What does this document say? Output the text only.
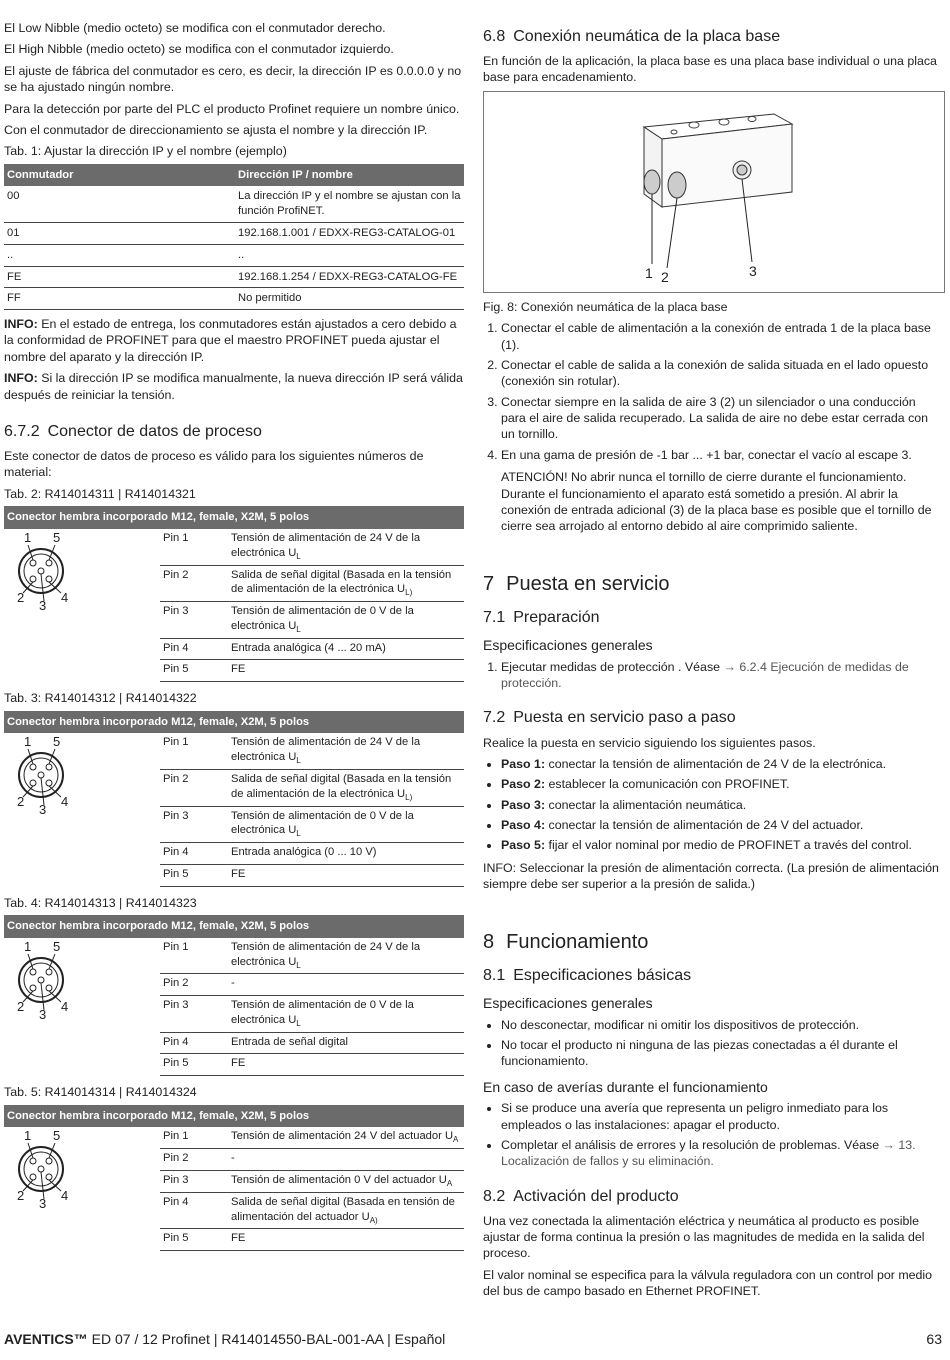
El Low Nibble (medio octeto) se modifica con el conmutador derecho.

El High Nibble (medio octeto) se modifica con el conmutador izquierdo.

El ajuste de fábrica del conmutador es cero, es decir, la dirección IP es 0.0.0.0 y no se ha ajustado ningún nombre.

Para la detección por parte del PLC el producto Profinet requiere un nombre único.

Con el conmutador de direccionamiento se ajusta el nombre y la dirección IP.

Tab. 1: Ajustar la dirección IP y el nombre (ejemplo)

Conmutador	Dirección IP / nombre
00	La dirección IP y el nombre se ajustan con la función ProfiNET.
01	192.168.1.001 / EDXX-REG3-CATALOG-01
..	..
FE	192.168.1.254 / EDXX-REG3-CATALOG-FE
FF	No permitido

INFO: En el estado de entrega, los conmutadores están ajustados a cero debido a la conformidad de PROFINET para que el maestro PROFINET pueda ajustar el nombre del aparato y la dirección IP.

INFO: Si la dirección IP se modifica manualmente, la nueva dirección IP será válida después de reiniciar la tensión.

6.7.2 Conector de datos de proceso

Este conector de datos de proceso es válido para los siguientes números de material:

Tab. 2: R414014311 | R414014321

Conector hembra incorporado M12, female, X2M, 5 polos		

1 5
2 4
3	Pin 1	Tensión de alimentación de 24 V de la electrónica $U_L$
	Pin 2	Salida de señal digital (Basada en la tensión de alimentación de la electrónica $U_{L)}$
	Pin 3	Tensión de alimentación de 0 V de la electrónica $U_L$
	Pin 4	Entrada analógica (4 ... 20 mA)
	Pin 5	FE

Tab. 3: R414014312 | R414014322

Conector hembra incorporado M12, female, X2M, 5 polos		

1 5
2 4
3	Pin 1	Tensión de alimentación de 24 V de la electrónica $U_L$
	Pin 2	Salida de señal digital (Basada en la tensión de alimentación de la electrónica $U_{L)}$
	Pin 3	Tensión de alimentación de 0 V de la electrónica $U_L$
	Pin 4	Entrada analógica (0 ... 10 V)
	Pin 5	FE

Tab. 4: R414014313 | R414014323

Conector hembra incorporado M12, female, X2M, 5 polos		

1 5
2 4
3	Pin 1	Tensión de alimentación de 24 V de la electrónica $U_L$
	Pin 2	-
	Pin 3	Tensión de alimentación de 0 V de la electrónica $U_L$
	Pin 4	Entrada de señal digital
	Pin 5	FE

Tab. 5: R414014314 | R414014324

Conector hembra incorporado M12, female, X2M, 5 polos		

1 5
2 4
3	Pin 1	Tensión de alimentación 24 V del actuador $U_A$
	Pin 2	-
	Pin 3	Tensión de alimentación 0 V del actuador $U_A$
	Pin 4	Salida de señal digital (Basada en tensión de alimentación del actuador $U_{A)}$
	Pin 5	FE
6.8 Conexión neumática de la placa base

En función de la aplicación, la placa base es una placa base individual o una placa base para encadenamiento.

1 2	3

Fig. 8: Conexión neumática de la placa base

1. Conectar el cable de alimentación a la conexión de entrada 1 de la placa base (1).
2. Conectar el cable de salida a la conexión de salida situada en el lado opuesto (conexión sin rotular).
3. Conectar siempre en la salida de aire 3 (2) un silenciador o una conducción para el aire de salida recuperado. La salida de aire no debe estar cerrada con un tornillo.
4. En una gama de presión de -1 bar ... +1 bar, conectar el vacío al escape 3.

ATENCIÓN! No abrir nunca el tornillo de cierre durante el funcionamiento. Durante el funcionamiento el aparato está sometido a presión. Al abrir la conexión de entrada adicional (3) de la placa base es posible que el tornillo de cierre sea arrojado al entorno debido al aire comprimido saliente.

7 Puesta en servicio
7.1 Preparación
Especificaciones generales
1. Ejecutar medidas de protección . Véase → 6.2.4 Ejecución de medidas de protección.
7.2 Puesta en servicio paso a paso

Realice la puesta en servicio siguiendo los siguientes pasos.

• Paso 1: conectar la tensión de alimentación de 24 V de la electrónica.
• Paso 2: establecer la comunicación con PROFINET.
• Paso 3: conectar la alimentación neumática.
• Paso 4: conectar la tensión de alimentación de 24 V del actuador.
• Paso 5: fijar el valor nominal por medio de PROFINET a través del control.

INFO: Seleccionar la presión de alimentación correcta. (La presión de alimentación siempre debe ser superior a la presión de salida.)

8 Funcionamiento
8.1 Especificaciones básicas
Especificaciones generales
• No desconectar, modificar ni omitir los dispositivos de protección.
• No tocar el producto ni ninguna de las piezas conectadas a él durante el funcionamiento.
En caso de averías durante el funcionamiento
• Si se produce una avería que representa un peligro inmediato para los empleados o las instalaciones: apagar el producto.
• Completar el análisis de errores y la resolución de problemas. Véase → 13. Localización de fallos y su eliminación.
8.2 Activación del producto

Una vez conectada la alimentación eléctrica y neumática al producto es posible ajustar de forma continua la presión o las magnitudes de medida en la salida del proceso.

El valor nominal se especifica para la válvula reguladora con un control por medio del bus de campo basado en Ethernet PROFINET.

AVENTICS™ ED 07 / 12 Profinet | R414014550-BAL-001-AA | Español	63
